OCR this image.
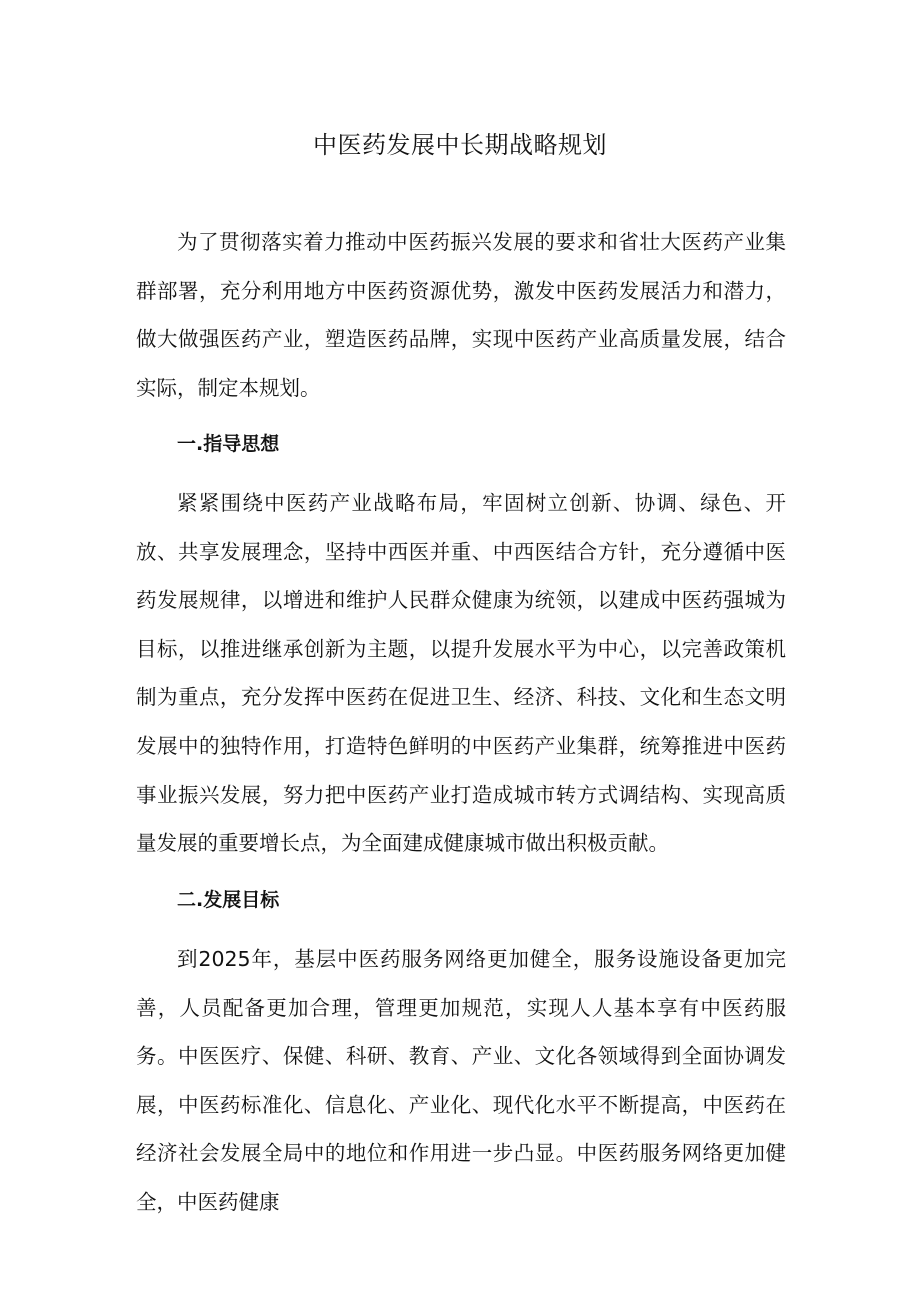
中医药发展中长期战略规划

为了贯彻落实着力推动中医药振兴发展的要求和省壮大医药产业集群部署，充分利用地方中医药资源优势，激发中医药发展活力和潜力，做大做强医药产业，塑造医药品牌，实现中医药产业高质量发展，结合实际，制定本规划。

一.指导思想

紧紧围绕中医药产业战略布局，牢固树立创新、协调、绿色、开放、共享发展理念，坚持中西医并重、中西医结合方针，充分遵循中医药发展规律，以增进和维护人民群众健康为统领，以建成中医药强城为目标，以推进继承创新为主题，以提升发展水平为中心，以完善政策机制为重点，充分发挥中医药在促进卫生、经济、科技、文化和生态文明发展中的独特作用，打造特色鲜明的中医药产业集群，统筹推进中医药事业振兴发展，努力把中医药产业打造成城市转方式调结构、实现高质量发展的重要增长点，为全面建成健康城市做出积极贡献。

二.发展目标

到2025年，基层中医药服务网络更加健全，服务设施设备更加完善，人员配备更加合理，管理更加规范，实现人人基本享有中医药服务。中医医疗、保健、科研、教育、产业、文化各领域得到全面协调发展，中医药标准化、信息化、产业化、现代化水平不断提高，中医药在经济社会发展全局中的地位和作用进一步凸显。中医药服务网络更加健全，中医药健康
